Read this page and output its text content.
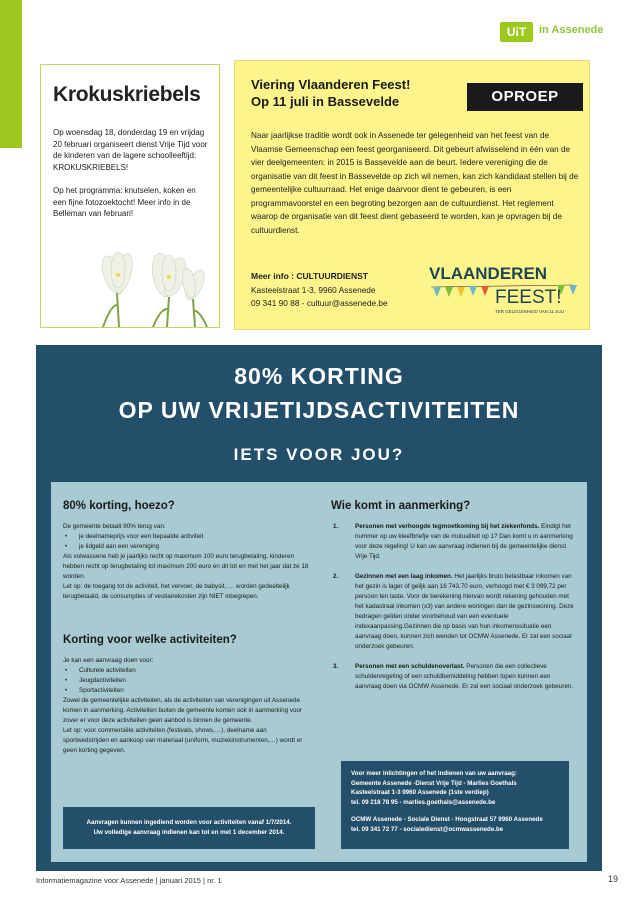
UiT	in Assenede
Krokuskriebels

Op woensdag 18, donderdag 19 en vrijdag 20 februari organiseert dienst Vrije Tijd voor de kinderen van de lagere schoolleeftijd: KROKUSKRIEBELS!

Op het programma: knutselen, koken en een fijne fotozoektocht! Meer info in de Belleman van februari!

Viering Vlaanderen Feest!
Op 11 juli in Bassevelde	OPROEP

Naar jaarlijkse traditie wordt ook in Assenede ter gelegenheid van het feest van de Vlaamse Gemeenschap een feest georganiseerd. Dit gebeurt afwisselend in één van de vier deelgemeenten: in 2015 is Bassevelde aan de beurt. Iedere vereniging die de organisatie van dit feest in Bassevelde op zich wil nemen, kan zich kandidaat stellen bij de gemeentelijke cultuurraad. Het enige daarvoor dient te gebeuren, is een programmavoorstel en een begroting bezorgen aan de cultuurdienst. Het reglement waarop de organisatie van dit feest dient gebaseerd te worden, kan je opvragen bij de cultuurdienst.

Meer info : CULTUURDIENST
Kasteelstraat 1-3, 9960 Assenede
09 341 90 88 - cultuur@assenede.be
VLAANDEREN
FEEST!
TER GELEGENHEID VAN 11 JULI
80% KORTING
OP UW VRIJETIJDSACTIVITEITEN
IETS VOOR JOU?
80% korting, hoezo?
De gemeente betaalt 80% terug van:
• je deelnameprijs voor een bepaalde activiteit
• je lidgeld aan een vereniging
Als volwassene heb je jaarlijks recht op maximum 100 euro terugbetaling, kinderen hebben recht op terugbetaling tot maximum 200 euro en dit tot en met het jaar dat ze 18 worden.
Let op: de toegang tot de activiteit, het vervoer, de babysit, … worden gedeeltelijk terugbetaald, de consumpties of vestiairekosten zijn NIET inbegrepen.
Korting voor welke activiteiten?
Je kan een aanvraag doen voor:
• Culturele activiteiten
• Jeugdactiviteiten
• Sportactiviteiten
Zowel de gemeentelijke activiteiten, als de activiteiten van verenigingen uit Assenede komen in aanmerking. Activiteiten buiten de gemeente komen ook in aanmerking voor zover er voor deze activiteiten geen aanbod is binnen de gemeente.
Let op: voor commerciële activiteiten (festivals, shows,…), deelname aan sportwedstrijden en aankoop van materiaal (uniform, muziekinstrumenten,…) wordt er geen korting gegeven.
Aanvragen kunnen ingediend worden voor activiteiten vanaf 1/7/2014.
Uw volledige aanvraag indienen kan tot en met 1 december 2014.
Wie komt in aanmerking?
1.	Personen met verhoogde tegmoetkoming bij het ziekenfonds. Eindigt het nummer op uw kleefbriefje van de mutualiteit op 1? Dan komt u in aanmerking voor deze regeling! U kan uw aanvraag indienen bij de gemeentelijke dienst Vrije Tijd.
2.	Gezinnen met een laag inkomen. Het jaarlijks bruto belastbaar inkomen van het gezin is lager of gelijk aan 16 743,70 euro, verhoogd met € 3 099,72 per persoon ten laste. Voor de berekening hiervan wordt rekening gehouden met het kadastraal inkomen (x3) van andere woningen dan de gezinswoning. Deze bedragen gelden onder voorbehoud van een eventuele indexaanpassing.Gezinnen die op basis van hun inkomenssituatie een aanvraag doen, kunnen zich wenden tot OCMW Assenede. Er zal een sociaal onderzoek gebeuren.
3.	Personen met een schuldenoverlast. Personen die een collectieve schuldenregeling of een schuldbemiddeling hebben lopen kunnen een aanvraag doen via OCMW Assenede. Er zal een sociaal onderzoek gebeuren.
Voor meer inlichtingen of het indienen van uw aanvraag:
Gemeente Assenede -Dienst Vrije Tijd - Marlies Goethals
Kasteelstraat 1-3 9960 Assenede (1ste verdiep)
tel. 09 218 78 95 - marlies.goethals@assenede.be
OCMW Assenede - Sociale Dienst - Hoogstraat 57 9960 Assenede
tel. 09 341 72 77 - socialedienst@ocmwassenede.be
Informatiemagazine voor Assenede | januari 2015 | nr. 1	19
